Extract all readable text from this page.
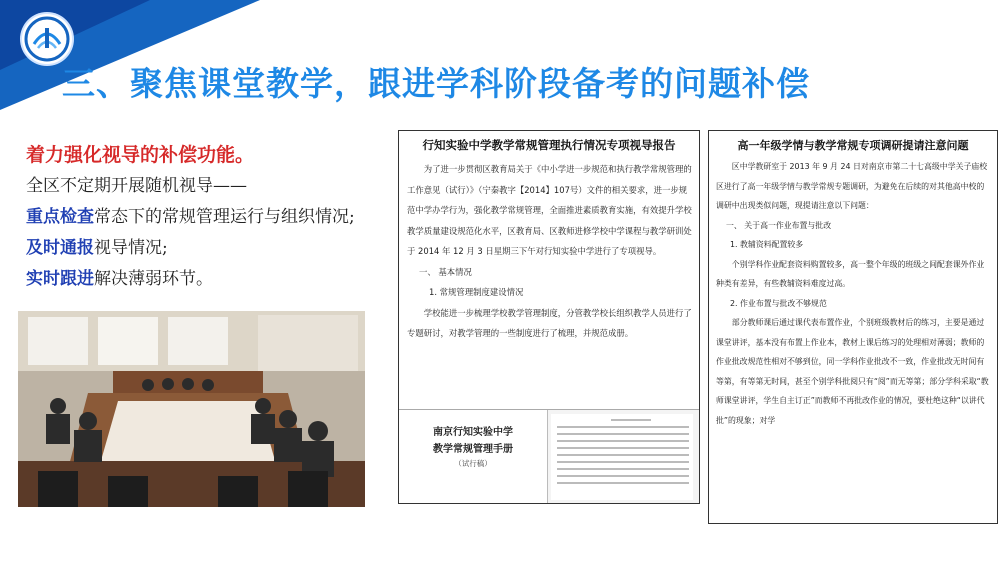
三、聚焦课堂教学，跟进学科阶段备考的问题补偿
着力强化视导的补偿功能。
全区不定期开展随机视导——
重点检查常态下的常规管理运行与组织情况;
及时通报视导情况;
实时跟进解决薄弱环节。
行知实验中学教学常规管理执行情况专项视导报告

为了进一步贯彻区教育局关于《中小学进一步规范和执行教学常规管理的工作意见（试行）》（宁秦教字【2014】107号）文件的相关要求，进一步规范中学办学行为，强化教学常规管理，全面推进素质教育实施，有效提升学校教学质量建设规范化水平，区教育局、区教师进修学校中学课程与教学研训处于 2014 年 12 月 3 日星期三下午对行知实验中学进行了专项视导。

一、 基本情况

1. 常规管理制度建设情况

学校能进一步梳理学校教学管理制度，分管教学校长组织教学人员进行了专题研讨，对教学管理的一些制度进行了梳理，并规范成册。

南京行知实验中学
教学常规管理手册
（试行稿）
高一年级学情与教学常规专项调研提请注意问题

区中学教研室于 2013 年 9 月 24 日对南京市第二十七高级中学关子庙校区进行了高一年级学情与教学常规专题调研，为避免在后续的对其他高中校的调研中出现类似问题，现提请注意以下问题：

一、 关于高一作业布置与批改

1. 教辅资料配置较多

个别学科作业配套资料购置较多，高一整个年级的班级之间配套课外作业种类有差异，有些教辅资料难度过高。

2. 作业布置与批改不够规范

部分教师课后通过课代表布置作业，个别班级教材后的练习，主要是通过课堂讲评，基本没有布置上作业本，教材上课后练习的处理相对薄弱；教师的作业批改规范性相对不够到位，同一学科作业批改不一致，作业批改无时间有等第，有等第无时间，甚至个别学科批阅只有“阅”而无等第；部分学科采取“教师课堂讲评，学生自主订正”而教师不再批改作业的情况，要杜绝这种“以讲代批”的现象；对学
